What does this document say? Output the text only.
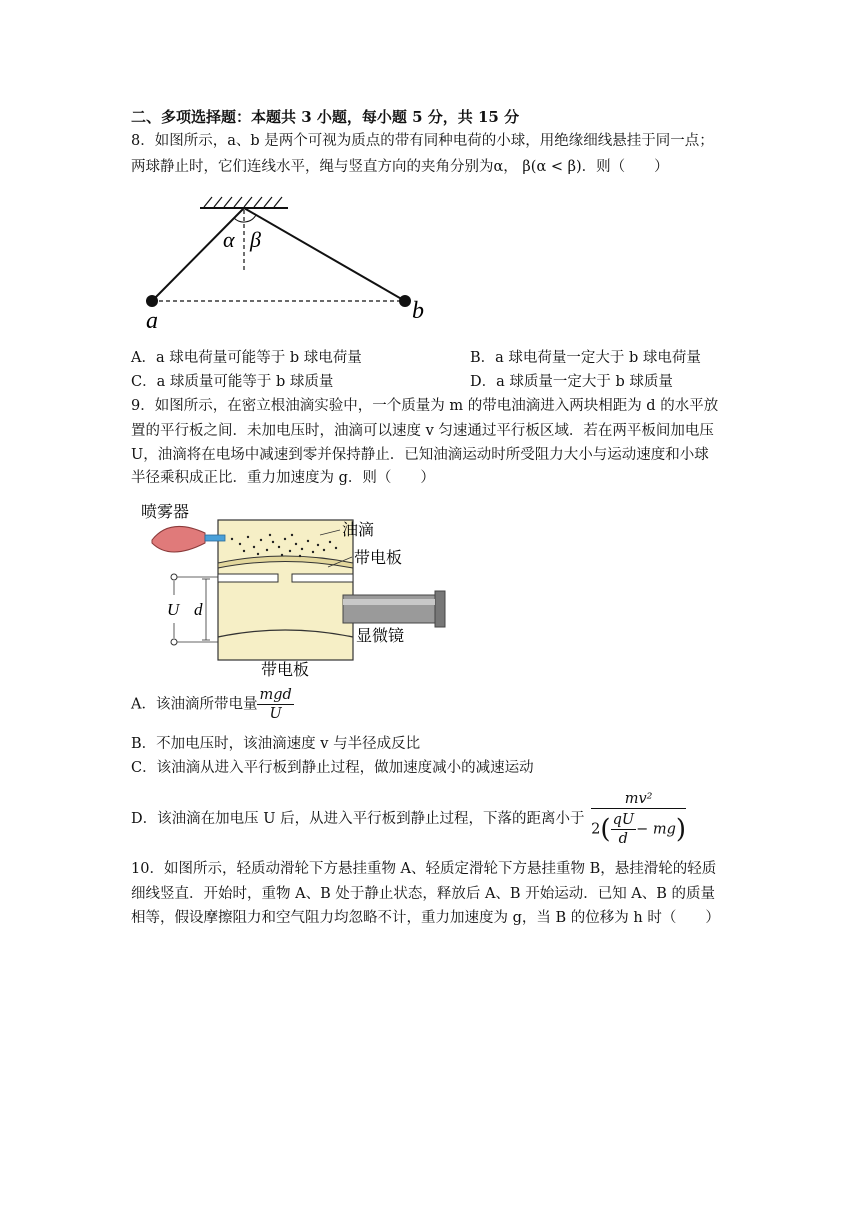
二、多项选择题：本题共 3 小题，每小题 5 分，共 15 分
8．如图所示，a、b 是两个可视为质点的带有同种电荷的小球，用绝缘细线悬挂于同一点；
两球静止时，它们连线水平，绳与竖直方向的夹角分别为α， β(α < β)．则（　　）
α β
a	b
A．a 球电荷量可能等于 b 球电荷量	B．a 球电荷量一定大于 b 球电荷量
C．a 球质量可能等于 b 球质量	D．a 球质量一定大于 b 球质量
9．如图所示，在密立根油滴实验中，一个质量为 m 的带电油滴进入两块相距为 d 的水平放
置的平行板之间．未加电压时，油滴可以速度 v 匀速通过平行板区域．若在两平板间加电压
U，油滴将在电场中减速到零并保持静止．已知油滴运动时所受阻力大小与运动速度和小球
半径乘积成正比．重力加速度为 g．则（　　）
喷雾器
油滴
带电板
显微镜
带电板
U d
A．该油滴所带电量 $\frac{\text{mgd}}{U}$
B．不加电压时，该油滴速度 v 与半径成反比
C．该油滴从进入平行板到静止过程，做加速度减小的减速运动
D．该油滴在加电压 U 后，从进入平行板到静止过程，下落的距离小于 $\frac{\text{mv²}}{2( \frac{qU}{d} - mg)}$
10．如图所示，轻质动滑轮下方悬挂重物 A、轻质定滑轮下方悬挂重物 B，悬挂滑轮的轻质
细线竖直．开始时，重物 A、B 处于静止状态，释放后 A、B 开始运动．已知 A、B 的质量
相等，假设摩擦阻力和空气阻力均忽略不计，重力加速度为 g，当 B 的位移为 h 时（　　）
